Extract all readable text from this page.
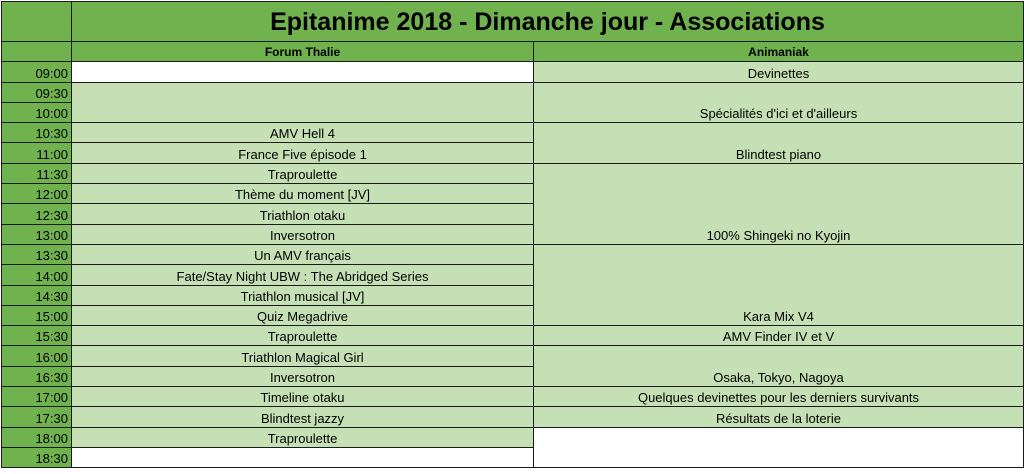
	Epitanime 2018 - Dimanche jour - Associations	
	Forum Thalie	Animaniak
09:00		Devinettes
09:30		Spécialités d'ici et d'ailleurs
10:00		
10:30	AMV Hell 4	Blindtest piano
11:00	France Five épisode 1	
11:30	Traproulette	100% Shingeki no Kyojin
12:00	Thème du moment [JV]	
12:30	Triathlon otaku	
13:00	Inversotron	
13:30	Un AMV français	Kara Mix V4
14:00	Fate/Stay Night UBW : The Abridged Series	
14:30	Triathlon musical [JV]	
15:00	Quiz Megadrive	
15:30	Traproulette	AMV Finder IV et V
16:00	Triathlon Magical Girl	Osaka, Tokyo, Nagoya
16:30	Inversotron	
17:00	Timeline otaku	Quelques devinettes pour les derniers survivants
17:30	Blindtest jazzy	Résultats de la loterie
18:00	Traproulette	
18:30		
